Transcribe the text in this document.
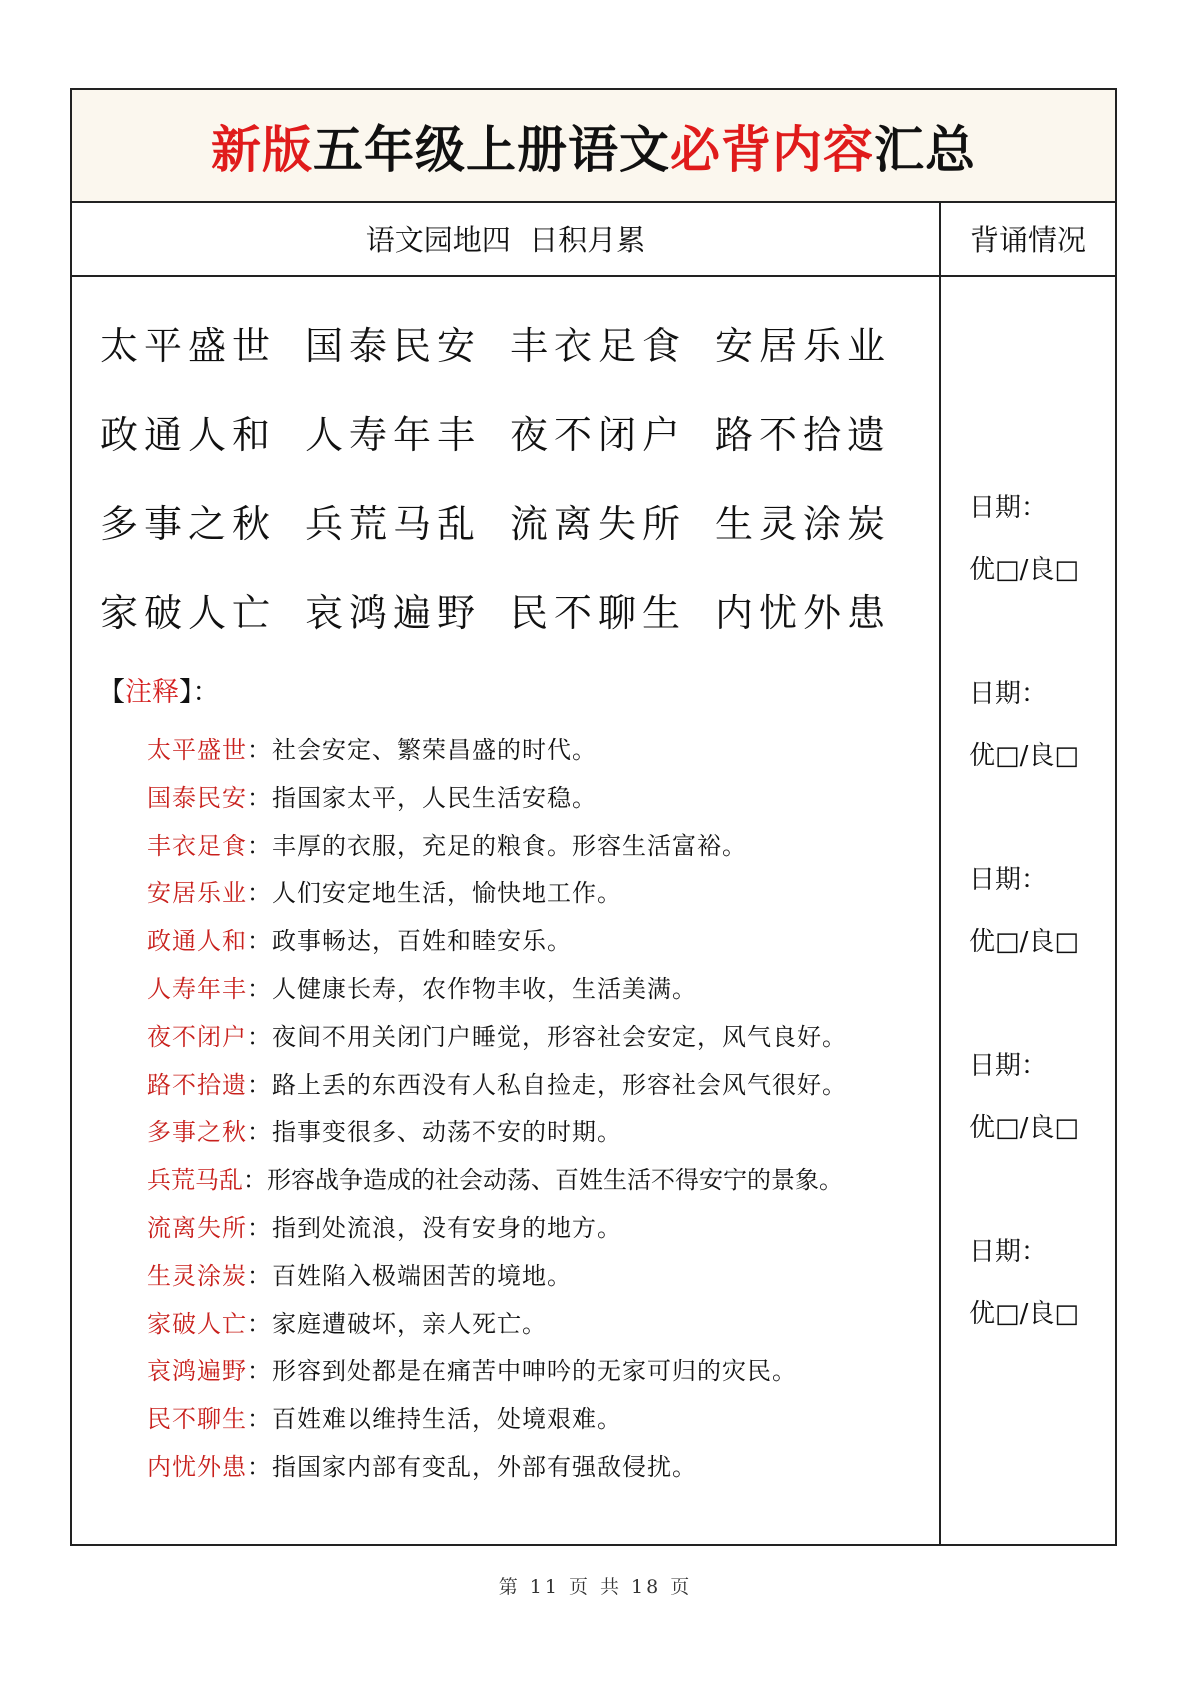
新版五年级上册语文必背内容汇总
语文园地四  日积月累	背诵情况
太平盛世 国泰民安 丰衣足食 安居乐业
政通人和 人寿年丰 夜不闭户 路不拾遗
多事之秋 兵荒马乱 流离失所 生灵涂炭
家破人亡 哀鸿遍野 民不聊生 内忧外患
【注释】：
太平盛世：社会安定、繁荣昌盛的时代。
国泰民安：指国家太平，人民生活安稳。
丰衣足食：丰厚的衣服，充足的粮食。形容生活富裕。
安居乐业：人们安定地生活，愉快地工作。
政通人和：政事畅达，百姓和睦安乐。
人寿年丰：人健康长寿，农作物丰收，生活美满。
夜不闭户：夜间不用关闭门户睡觉，形容社会安定，风气良好。
路不拾遗：路上丢的东西没有人私自捡走，形容社会风气很好。
多事之秋：指事变很多、动荡不安的时期。
兵荒马乱：形容战争造成的社会动荡、百姓生活不得安宁的景象。
流离失所：指到处流浪，没有安身的地方。
生灵涂炭：百姓陷入极端困苦的境地。
家破人亡：家庭遭破坏，亲人死亡。
哀鸿遍野：形容到处都是在痛苦中呻吟的无家可归的灾民。
民不聊生：百姓难以维持生活，处境艰难。
内忧外患：指国家内部有变乱，外部有强敌侵扰。
日期：
优□/良□
日期：
优□/良□
日期：
优□/良□
日期：
优□/良□
日期：
优□/良□
第 11 页 共 18 页
